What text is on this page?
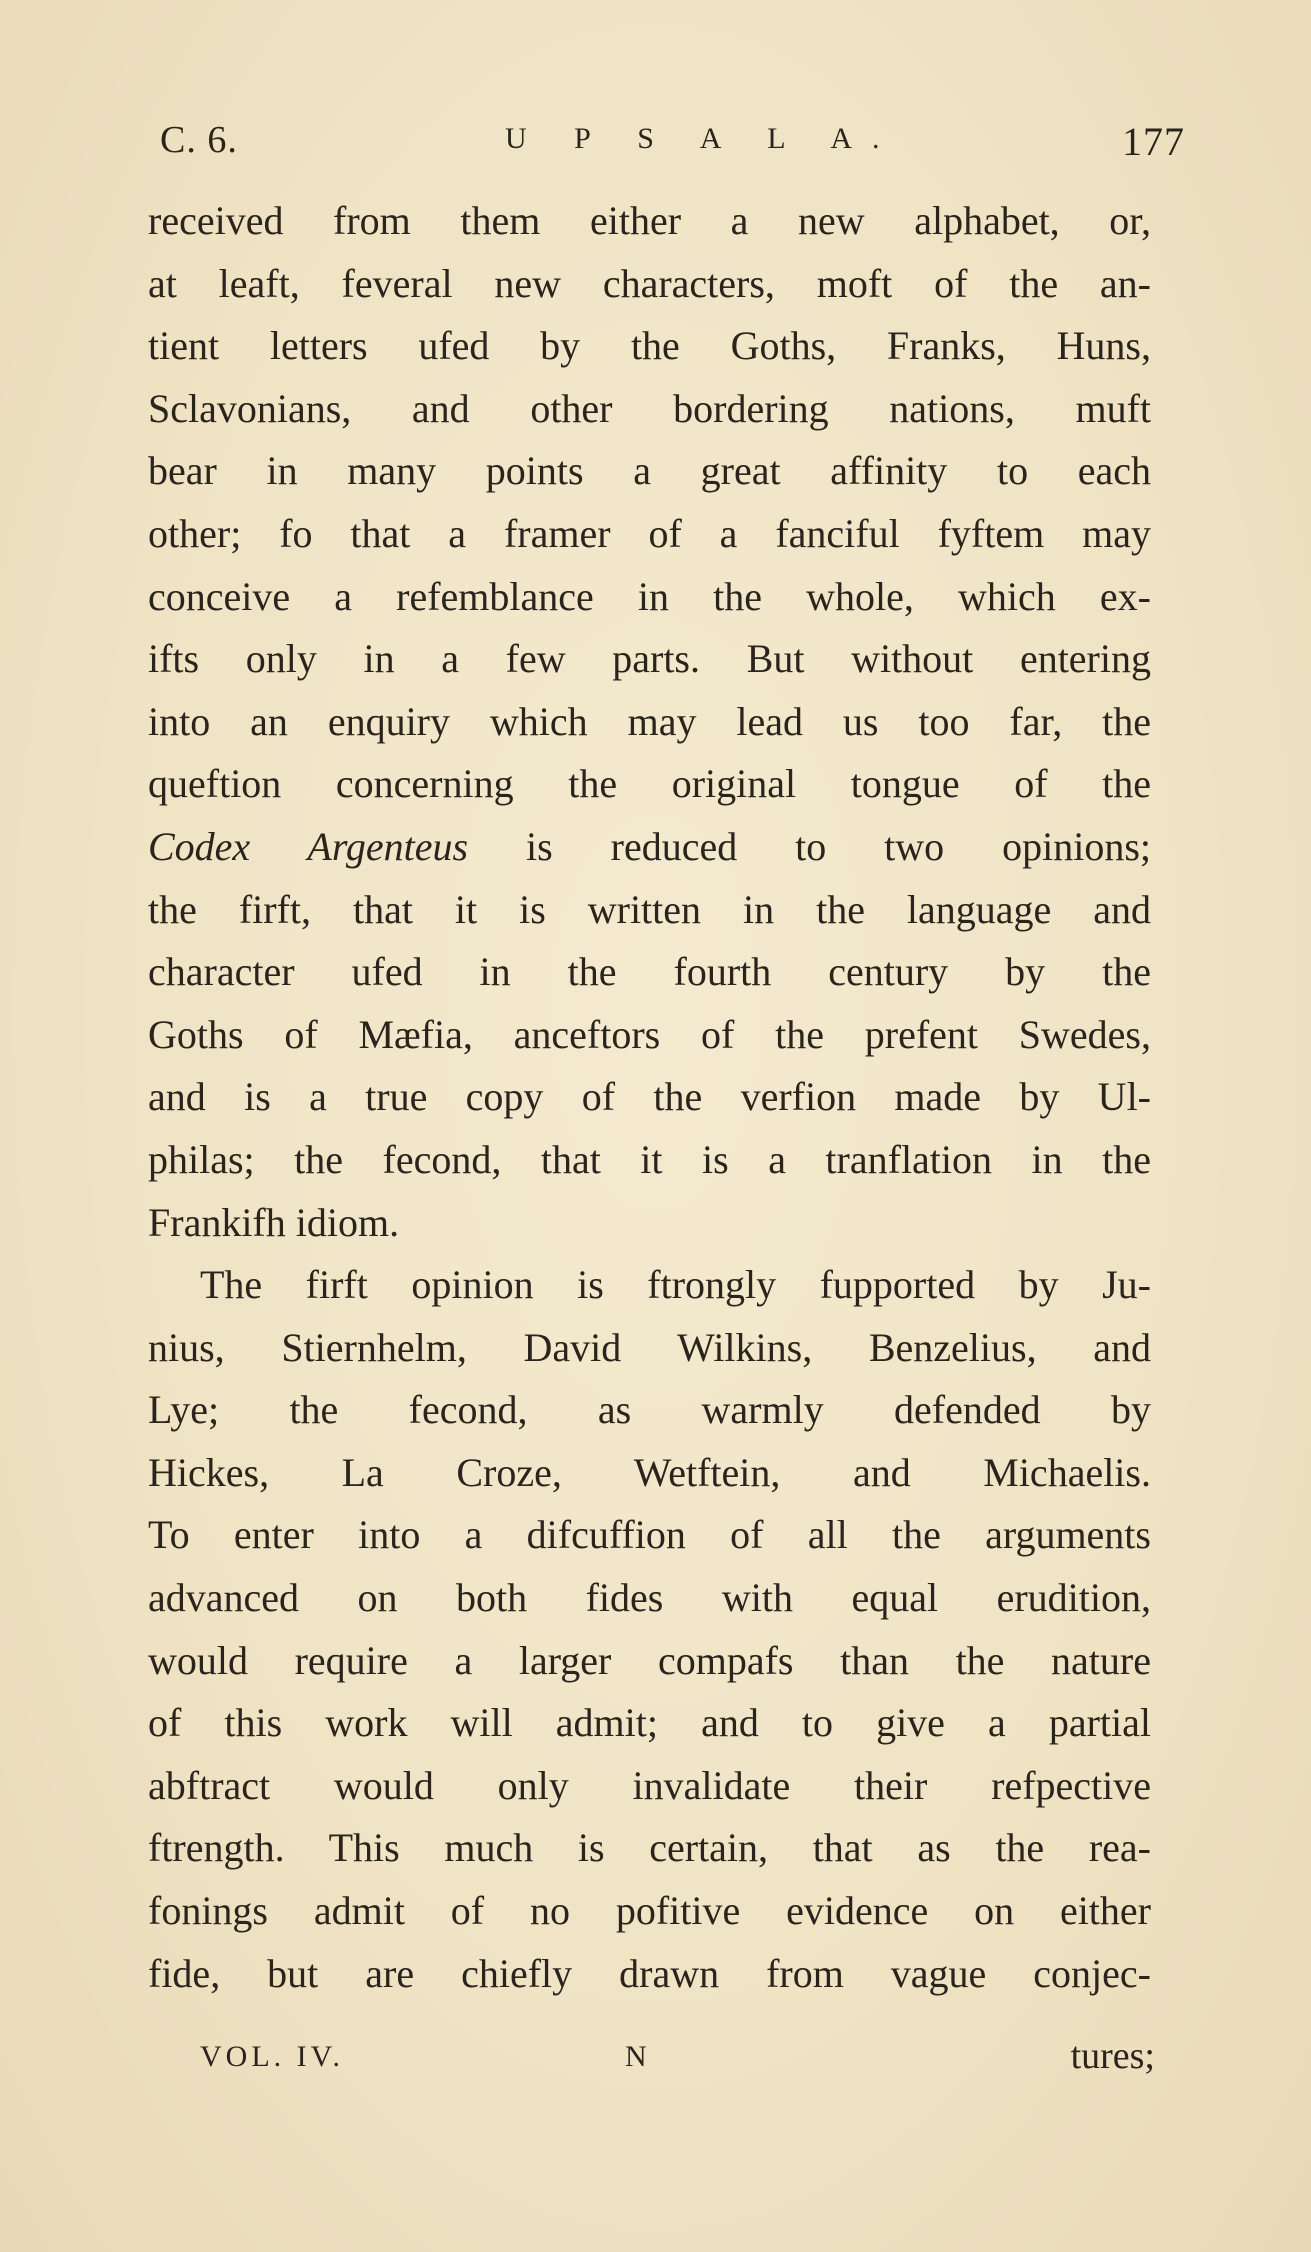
C. 6.	U P S A L A.	177
received from them either a new alphabet, or,
at leaft, feveral new characters, moft of the an-
tient letters ufed by the Goths, Franks, Huns,
Sclavonians, and other bordering nations, muft
bear in many points a great affinity to each
other; fo that a framer of a fanciful fyftem may
conceive a refemblance in the whole, which ex-
ifts only in a few parts. But without entering
into an enquiry which may lead us too far, the
queftion concerning the original tongue of the
Codex Argenteus is reduced to two opinions;
the firft, that it is written in the language and
character ufed in the fourth century by the
Goths of Mæfia, anceftors of the prefent Swedes,
and is a true copy of the verfion made by Ul-
philas; the fecond, that it is a tranflation in the
Frankifh idiom.
The firft opinion is ftrongly fupported by Ju-
nius, Stiernhelm, David Wilkins, Benzelius, and
Lye; the fecond, as warmly defended by
Hickes, La Croze, Wetftein, and Michaelis.
To enter into a difcuffion of all the arguments
advanced on both fides with equal erudition,
would require a larger compafs than the nature
of this work will admit; and to give a partial
abftract would only invalidate their refpective
ftrength. This much is certain, that as the rea-
fonings admit of no pofitive evidence on either
fide, but are chiefly drawn from vague conjec-
VOL. IV.	N	tures;
